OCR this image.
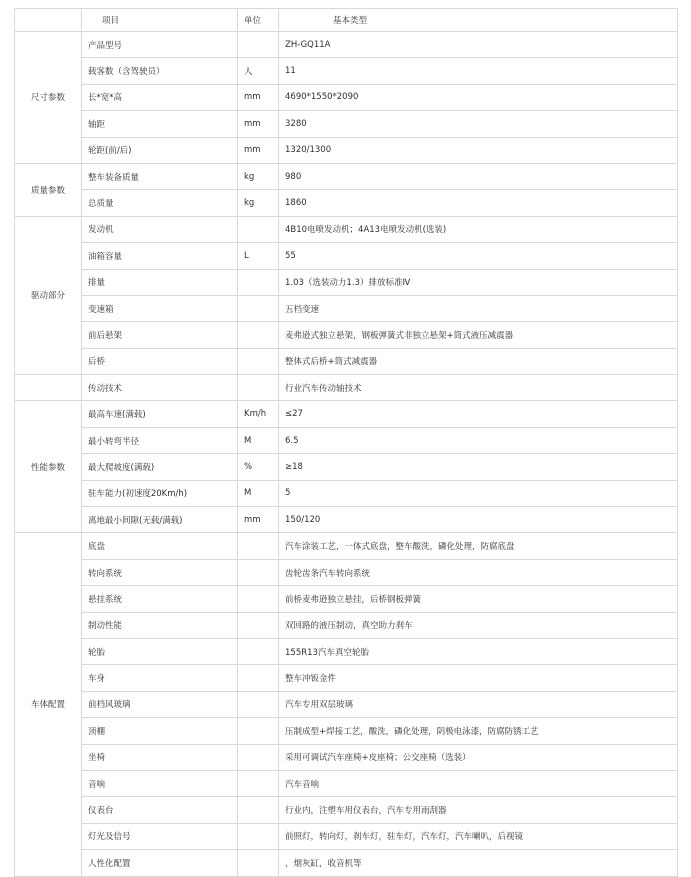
	项目	单位	基本类型
尺寸参数	产品型号		ZH-GQ11A
	载客数（含驾驶员）	人	11
	长*宽*高	mm	4690*1550*2090
	轴距	mm	3280
	轮距(前/后)	mm	1320/1300
质量参数	整车装备质量	kg	980
	总质量	kg	1860
驱动部分	发动机		4B10电喷发动机；4A13电喷发动机(选装)
	油箱容量	L	55
	排量		1.03（选装动力1.3）排放标准Ⅳ
	变速箱		五档变速
	前后悬架		麦弗逊式独立悬架，钢板弹簧式非独立悬架+筒式液压减震器
	后桥		整体式后桥+筒式减震器
	传动技术		行业汽车传动轴技术
性能参数	最高车速(满载)	Km/h	≤27
	最小转弯半径	M	6.5
	最大爬坡度(满载)	%	≥18
	驻车能力(初速度20Km/h)	M	5
	离地最小间隙(无载/满载)	mm	150/120
车体配置	底盘		汽车涂装工艺，一体式底盘，整车酸洗，磷化处理，防腐底盘
	转向系统		齿轮齿条汽车转向系统
	悬挂系统		前桥麦弗逊独立悬挂，后桥钢板弹簧
	制动性能		双回路的液压制动，真空助力刹车
	轮胎		155R13汽车真空轮胎
	车身		整车冲钣金件
	前档风玻璃		汽车专用双层玻璃
	顶棚		压制成型+焊接工艺，酸洗，磷化处理，阴极电泳漆，防腐防锈工艺
	坐椅		采用可调试汽车座椅+皮座椅；公交座椅（选装）
	音响		汽车音响
	仪表台		行业内，注塑车用仪表台，汽车专用雨刮器
	灯光及信号		前照灯，转向灯，刹车灯，驻车灯，汽车灯，汽车喇叭，后视镜
	人性化配置		，烟灰缸，收音机等
